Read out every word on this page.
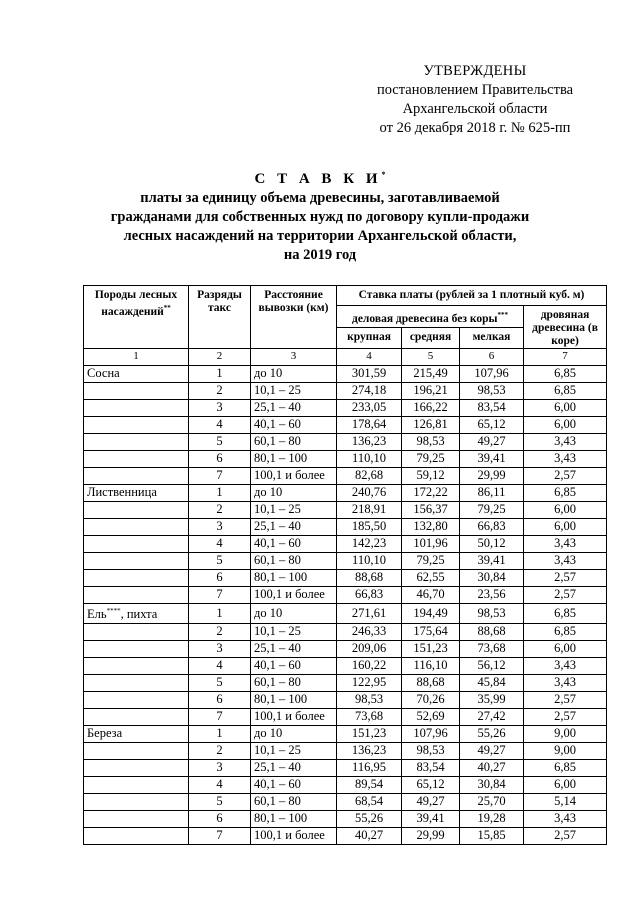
УТВЕРЖДЕНЫ
постановлением Правительства
Архангельской области
от 26 декабря 2018 г. № 625-пп
С Т А В К И*
платы за единицу объема древесины, заготавливаемой
гражданами для собственных нужд по договору купли-продажи
лесных насаждений на территории Архангельской области,
на 2019 год
Породы лесных насаждений**	Разряды такс	Расстояние вывозки (км)	Ставка платы (рублей за 1 плотный куб. м)			
			деловая древесина без коры***			дровяная древесина (в коре)
			крупная	средняя	мелкая	
1	2	3	4	5	6	7
Сосна	1	до 10	301,59	215,49	107,96	6,85
	2	10,1 – 25	274,18	196,21	98,53	6,85
	3	25,1 – 40	233,05	166,22	83,54	6,00
	4	40,1 – 60	178,64	126,81	65,12	6,00
	5	60,1 – 80	136,23	98,53	49,27	3,43
	6	80,1 – 100	110,10	79,25	39,41	3,43
	7	100,1 и более	82,68	59,12	29,99	2,57
Лиственница	1	до 10	240,76	172,22	86,11	6,85
	2	10,1 – 25	218,91	156,37	79,25	6,00
	3	25,1 – 40	185,50	132,80	66,83	6,00
	4	40,1 – 60	142,23	101,96	50,12	3,43
	5	60,1 – 80	110,10	79,25	39,41	3,43
	6	80,1 – 100	88,68	62,55	30,84	2,57
	7	100,1 и более	66,83	46,70	23,56	2,57
Ель****, пихта	1	до 10	271,61	194,49	98,53	6,85
	2	10,1 – 25	246,33	175,64	88,68	6,85
	3	25,1 – 40	209,06	151,23	73,68	6,00
	4	40,1 – 60	160,22	116,10	56,12	3,43
	5	60,1 – 80	122,95	88,68	45,84	3,43
	6	80,1 – 100	98,53	70,26	35,99	2,57
	7	100,1 и более	73,68	52,69	27,42	2,57
Береза	1	до 10	151,23	107,96	55,26	9,00
	2	10,1 – 25	136,23	98,53	49,27	9,00
	3	25,1 – 40	116,95	83,54	40,27	6,85
	4	40,1 – 60	89,54	65,12	30,84	6,00
	5	60,1 – 80	68,54	49,27	25,70	5,14
	6	80,1 – 100	55,26	39,41	19,28	3,43
	7	100,1 и более	40,27	29,99	15,85	2,57
